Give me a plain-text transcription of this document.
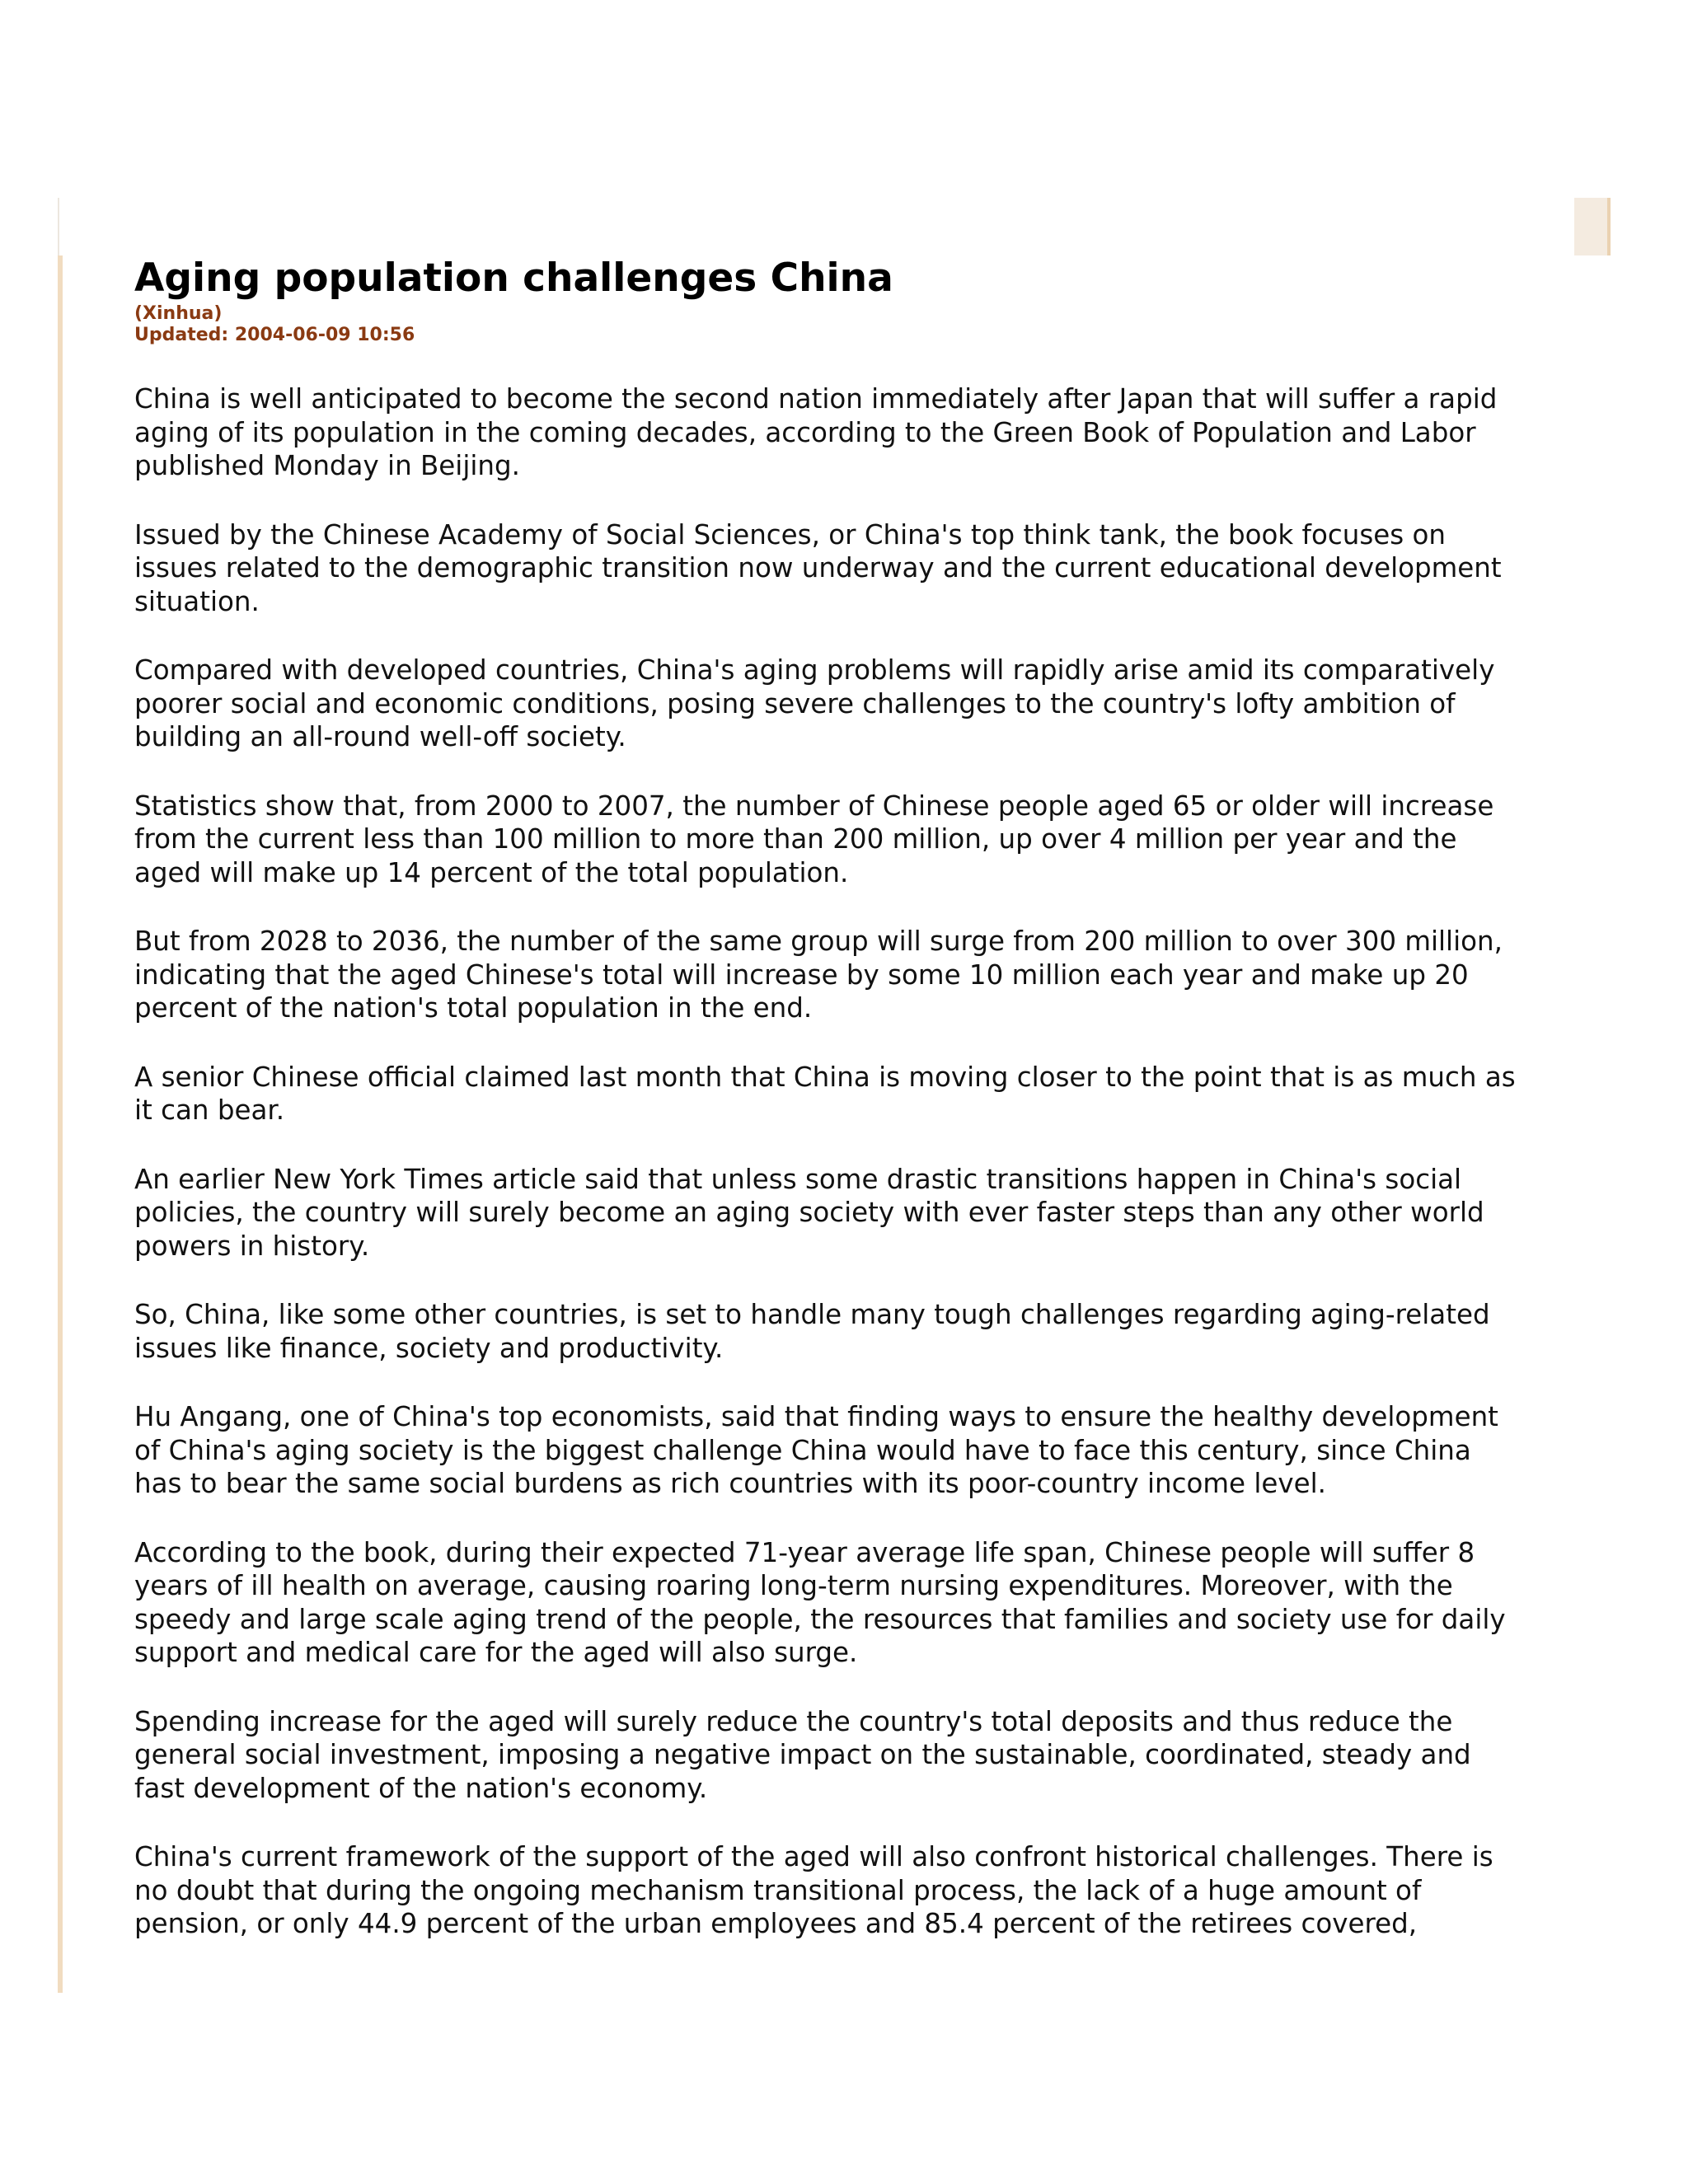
Aging population challenges China
(Xinhua)
Updated: 2004-06-09 10:56

China is well anticipated to become the second nation immediately after Japan that will suffer a rapid
aging of its population in the coming decades, according to the Green Book of Population and Labor
published Monday in Beijing.

Issued by the Chinese Academy of Social Sciences, or China's top think tank, the book focuses on
issues related to the demographic transition now underway and the current educational development
situation.

Compared with developed countries, China's aging problems will rapidly arise amid its comparatively
poorer social and economic conditions, posing severe challenges to the country's lofty ambition of
building an all-round well-off society.

Statistics show that, from 2000 to 2007, the number of Chinese people aged 65 or older will increase
from the current less than 100 million to more than 200 million, up over 4 million per year and the
aged will make up 14 percent of the total population.

But from 2028 to 2036, the number of the same group will surge from 200 million to over 300 million,
indicating that the aged Chinese's total will increase by some 10 million each year and make up 20
percent of the nation's total population in the end.

A senior Chinese official claimed last month that China is moving closer to the point that is as much as
it can bear.

An earlier New York Times article said that unless some drastic transitions happen in China's social
policies, the country will surely become an aging society with ever faster steps than any other world
powers in history.

So, China, like some other countries, is set to handle many tough challenges regarding aging-related
issues like finance, society and productivity.

Hu Angang, one of China's top economists, said that finding ways to ensure the healthy development
of China's aging society is the biggest challenge China would have to face this century, since China
has to bear the same social burdens as rich countries with its poor-country income level.

According to the book, during their expected 71-year average life span, Chinese people will suffer 8
years of ill health on average, causing roaring long-term nursing expenditures. Moreover, with the
speedy and large scale aging trend of the people, the resources that families and society use for daily
support and medical care for the aged will also surge.

Spending increase for the aged will surely reduce the country's total deposits and thus reduce the
general social investment, imposing a negative impact on the sustainable, coordinated, steady and
fast development of the nation's economy.

China's current framework of the support of the aged will also confront historical challenges. There is
no doubt that during the ongoing mechanism transitional process, the lack of a huge amount of
pension, or only 44.9 percent of the urban employees and 85.4 percent of the retirees covered,
